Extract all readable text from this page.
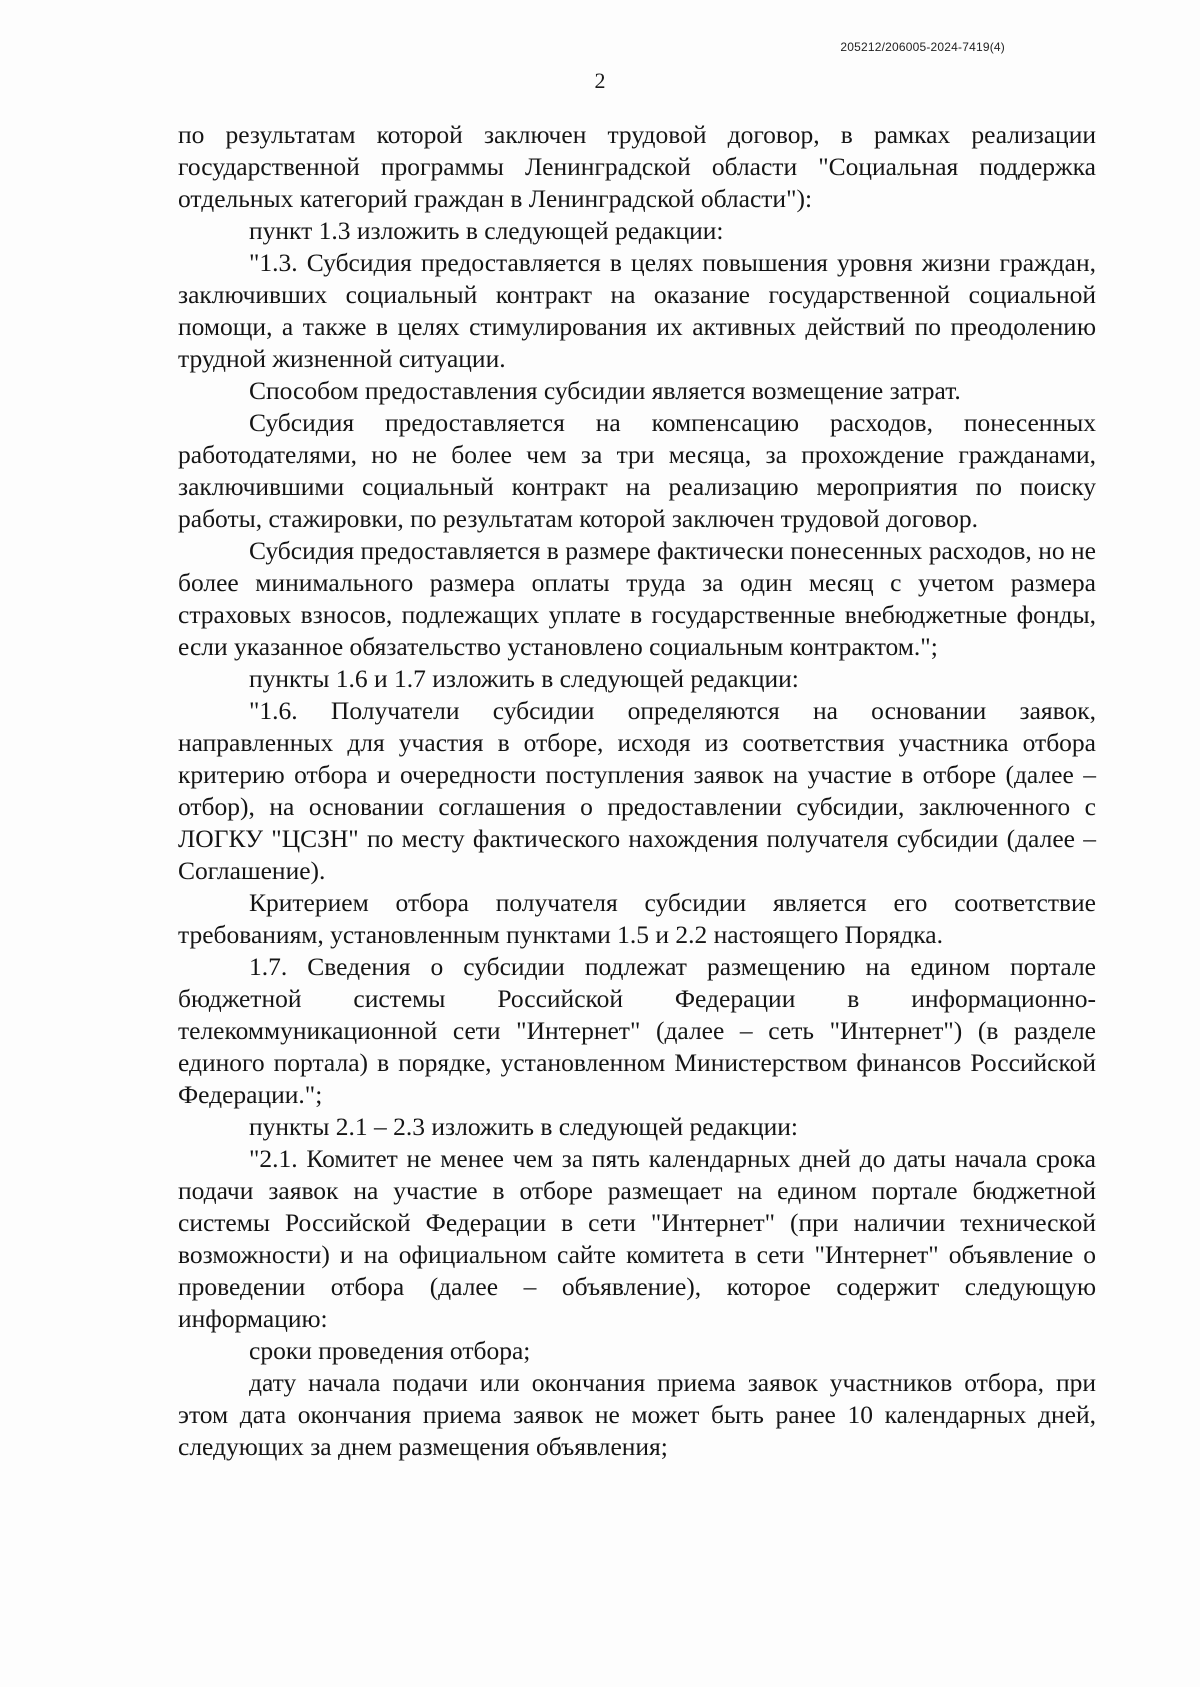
205212/206005-2024-7419(4)
2

по результатам которой заключен трудовой договор, в рамках реализации государственной программы Ленинградской области "Социальная поддержка отдельных категорий граждан в Ленинградской области"):

пункт 1.3 изложить в следующей редакции:

"1.3. Субсидия предоставляется в целях повышения уровня жизни граждан, заключивших социальный контракт на оказание государственной социальной помощи, а также в целях стимулирования их активных действий по преодолению трудной жизненной ситуации.

Способом предоставления субсидии является возмещение затрат.

Субсидия предоставляется на компенсацию расходов, понесенных работодателями, но не более чем за три месяца, за прохождение гражданами, заключившими социальный контракт на реализацию мероприятия по поиску работы, стажировки, по результатам которой заключен трудовой договор.

Субсидия предоставляется в размере фактически понесенных расходов, но не более минимального размера оплаты труда за один месяц с учетом размера страховых взносов, подлежащих уплате в государственные внебюджетные фонды, если указанное обязательство установлено социальным контрактом.";

пункты 1.6 и 1.7 изложить в следующей редакции:

"1.6. Получатели субсидии определяются на основании заявок, направленных для участия в отборе, исходя из соответствия участника отбора критерию отбора и очередности поступления заявок на участие в отборе (далее – отбор), на основании соглашения о предоставлении субсидии, заключенного с ЛОГКУ "ЦСЗН" по месту фактического нахождения получателя субсидии (далее – Соглашение).

Критерием отбора получателя субсидии является его соответствие требованиям, установленным пунктами 1.5 и 2.2 настоящего Порядка.

1.7. Сведения о субсидии подлежат размещению на едином портале бюджетной системы Российской Федерации в информационно-телекоммуникационной сети "Интернет" (далее – сеть "Интернет") (в разделе единого портала) в порядке, установленном Министерством финансов Российской Федерации.";

пункты 2.1 – 2.3 изложить в следующей редакции:

"2.1. Комитет не менее чем за пять календарных дней до даты начала срока подачи заявок на участие в отборе размещает на едином портале бюджетной системы Российской Федерации в сети "Интернет" (при наличии технической возможности) и на официальном сайте комитета в сети "Интернет" объявление о проведении отбора (далее – объявление), которое содержит следующую информацию:

сроки проведения отбора;

дату начала подачи или окончания приема заявок участников отбора, при этом дата окончания приема заявок не может быть ранее 10 календарных дней, следующих за днем размещения объявления;
